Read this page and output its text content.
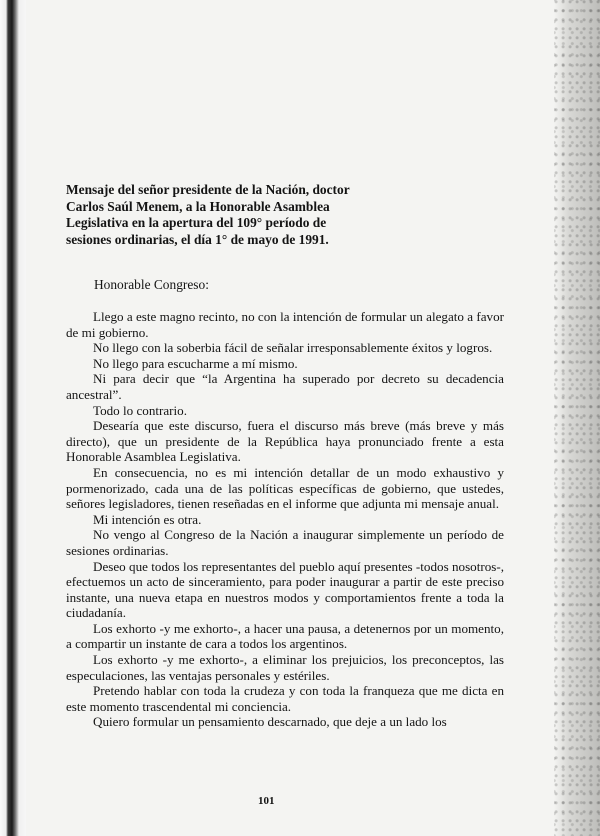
Mensaje del señor presidente de la Nación, doctor Carlos Saúl Menem, a la Honorable Asamblea Legislativa en la apertura del 109° período de sesiones ordinarias, el día 1° de mayo de 1991.
Honorable Congreso:

Llego a este magno recinto, no con la intención de formular un alegato a favor de mi gobierno.

No llego con la soberbia fácil de señalar irresponsablemente éxitos y logros.

No llego para escucharme a mí mismo.

Ni para decir que “la Argentina ha superado por decreto su decadencia ancestral”.

Todo lo contrario.

Desearía que este discurso, fuera el discurso más breve (más breve y más directo), que un presidente de la República haya pronunciado frente a esta Honorable Asamblea Legislativa.

En consecuencia, no es mi intención detallar de un modo exhaustivo y pormenorizado, cada una de las políticas específicas de gobierno, que ustedes, señores legisladores, tienen reseñadas en el informe que adjunta mi mensaje anual.

Mi intención es otra.

No vengo al Congreso de la Nación a inaugurar simplemente un período de sesiones ordinarias.

Deseo que todos los representantes del pueblo aquí presentes -todos nosotros-, efectuemos un acto de sinceramiento, para poder inaugurar a partir de este preciso instante, una nueva etapa en nuestros modos y comportamientos frente a toda la ciudadanía.

Los exhorto -y me exhorto-, a hacer una pausa, a detenernos por un momento, a compartir un instante de cara a todos los argentinos.

Los exhorto -y me exhorto-, a eliminar los prejuicios, los preconceptos, las especulaciones, las ventajas personales y estériles.

Pretendo hablar con toda la crudeza y con toda la franqueza que me dicta en este momento trascendental mi conciencia.

Quiero formular un pensamiento descarnado, que deje a un lado los

101
